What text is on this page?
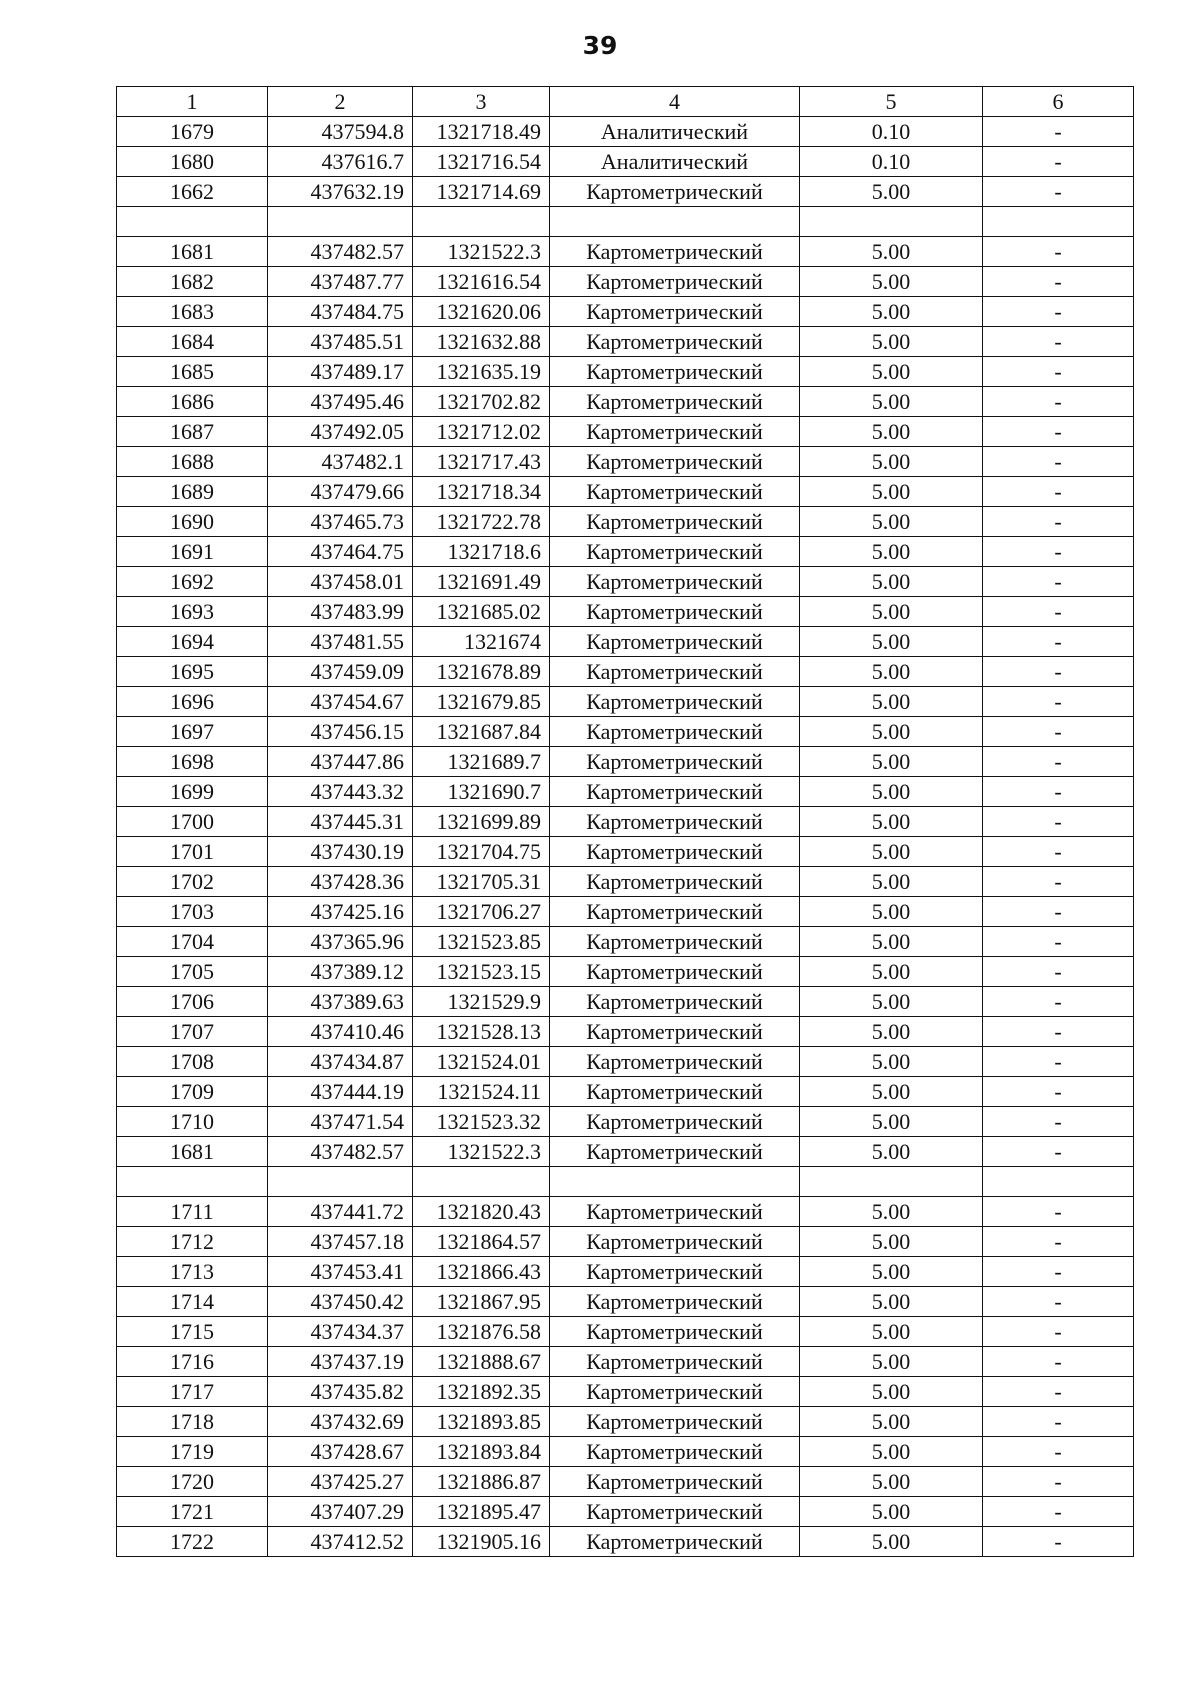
39
1	2	3	4	5	6
1679	437594.8	1321718.49	Аналитический	0.10	-
1680	437616.7	1321716.54	Аналитический	0.10	-
1662	437632.19	1321714.69	Картометрический	5.00	-

1681	437482.57	1321522.3	Картометрический	5.00	-
1682	437487.77	1321616.54	Картометрический	5.00	-
1683	437484.75	1321620.06	Картометрический	5.00	-
1684	437485.51	1321632.88	Картометрический	5.00	-
1685	437489.17	1321635.19	Картометрический	5.00	-
1686	437495.46	1321702.82	Картометрический	5.00	-
1687	437492.05	1321712.02	Картометрический	5.00	-
1688	437482.1	1321717.43	Картометрический	5.00	-
1689	437479.66	1321718.34	Картометрический	5.00	-
1690	437465.73	1321722.78	Картометрический	5.00	-
1691	437464.75	1321718.6	Картометрический	5.00	-
1692	437458.01	1321691.49	Картометрический	5.00	-
1693	437483.99	1321685.02	Картометрический	5.00	-
1694	437481.55	1321674	Картометрический	5.00	-
1695	437459.09	1321678.89	Картометрический	5.00	-
1696	437454.67	1321679.85	Картометрический	5.00	-
1697	437456.15	1321687.84	Картометрический	5.00	-
1698	437447.86	1321689.7	Картометрический	5.00	-
1699	437443.32	1321690.7	Картометрический	5.00	-
1700	437445.31	1321699.89	Картометрический	5.00	-
1701	437430.19	1321704.75	Картометрический	5.00	-
1702	437428.36	1321705.31	Картометрический	5.00	-
1703	437425.16	1321706.27	Картометрический	5.00	-
1704	437365.96	1321523.85	Картометрический	5.00	-
1705	437389.12	1321523.15	Картометрический	5.00	-
1706	437389.63	1321529.9	Картометрический	5.00	-
1707	437410.46	1321528.13	Картометрический	5.00	-
1708	437434.87	1321524.01	Картометрический	5.00	-
1709	437444.19	1321524.11	Картометрический	5.00	-
1710	437471.54	1321523.32	Картометрический	5.00	-
1681	437482.57	1321522.3	Картометрический	5.00	-

1711	437441.72	1321820.43	Картометрический	5.00	-
1712	437457.18	1321864.57	Картометрический	5.00	-
1713	437453.41	1321866.43	Картометрический	5.00	-
1714	437450.42	1321867.95	Картометрический	5.00	-
1715	437434.37	1321876.58	Картометрический	5.00	-
1716	437437.19	1321888.67	Картометрический	5.00	-
1717	437435.82	1321892.35	Картометрический	5.00	-
1718	437432.69	1321893.85	Картометрический	5.00	-
1719	437428.67	1321893.84	Картометрический	5.00	-
1720	437425.27	1321886.87	Картометрический	5.00	-
1721	437407.29	1321895.47	Картометрический	5.00	-
1722	437412.52	1321905.16	Картометрический	5.00	-
